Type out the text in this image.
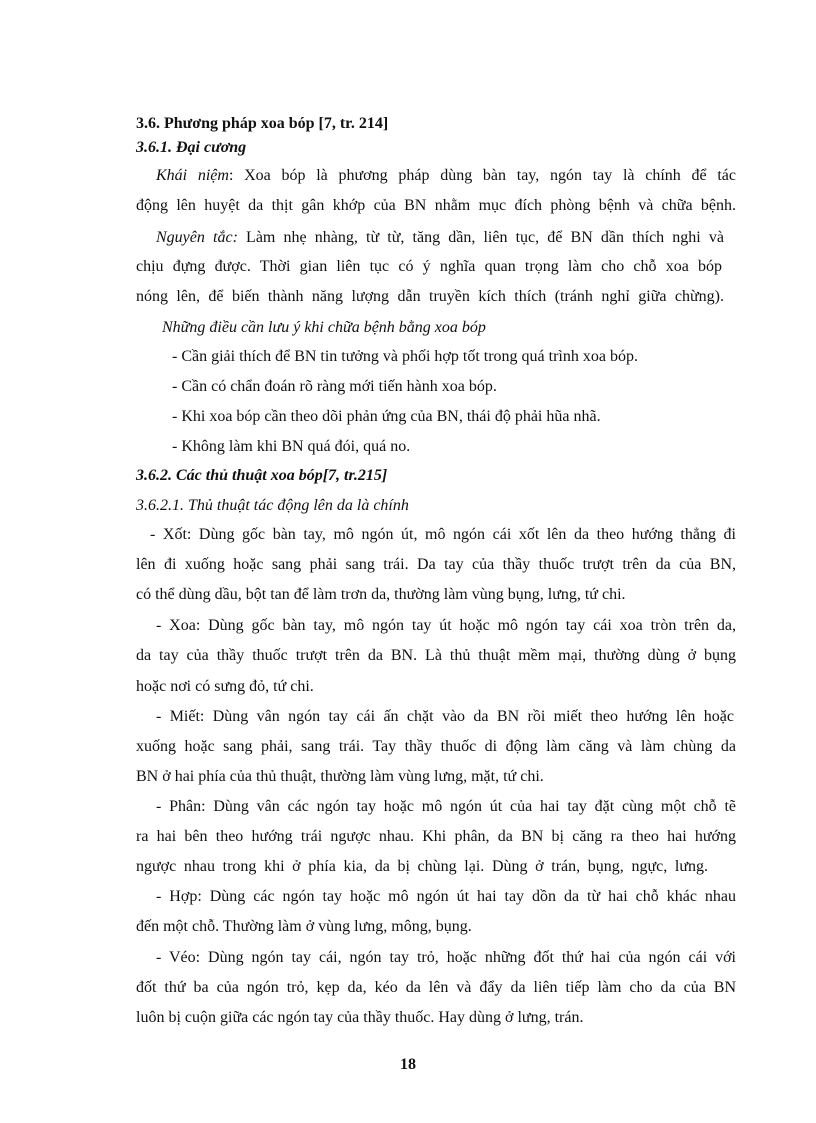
3.6. Phương pháp xoa bóp [7, tr. 214]
3.6.1. Đại cương
Khái niệm: Xoa bóp là phương pháp dùng bàn tay, ngón tay là chính để tác
động lên huyệt da thịt gân khớp của BN nhằm mục đích phòng bệnh và chữa bệnh.
Nguyên tắc: Làm nhẹ nhàng, từ từ, tăng dần, liên tục, để BN dần thích nghi và
chịu đựng được. Thời gian liên tục có ý nghĩa quan trọng làm cho chỗ xoa bóp
nóng lên, để biến thành năng lượng dẫn truyền kích thích (tránh nghỉ giữa chừng).
Những điều cần lưu ý khi chữa bệnh bằng xoa bóp
- Cần giải thích để BN tin tưởng và phối hợp tốt trong quá trình xoa bóp.
- Cần có chẩn đoán rõ ràng mới tiến hành xoa bóp.
- Khi xoa bóp cần theo dõi phản ứng của BN, thái độ phải hũa nhã.
- Không làm khi BN quá đói, quá no.
3.6.2. Các thủ thuật xoa bóp[7, tr.215]
3.6.2.1. Thủ thuật tác động lên da là chính
- Xốt: Dùng gốc bàn tay, mô ngón út, mô ngón cái xốt lên da theo hướng thẳng đi
lên đi xuống hoặc sang phải sang trái. Da tay của thầy thuốc trượt trên da của BN,
có thể dùng dầu, bột tan để làm trơn da, thường làm vùng bụng, lưng, tứ chi.
- Xoa: Dùng gốc bàn tay, mô ngón tay út hoặc mô ngón tay cái xoa tròn trên da,
da tay của thầy thuốc trượt trên da BN. Là thủ thuật mềm mại, thường dùng ở bụng
hoặc nơi có sưng đỏ, tứ chi.
- Miết: Dùng vân ngón tay cái ấn chặt vào da BN rồi miết theo hướng lên hoặc
xuống hoặc sang phải, sang trái. Tay thầy thuốc di động làm căng và làm chùng da
BN ở hai phía của thủ thuật, thường làm vùng lưng, mặt, tứ chi.
- Phân: Dùng vân các ngón tay hoặc mô ngón út của hai tay đặt cùng một chỗ tẽ
ra hai bên theo hướng trái ngược nhau. Khi phân, da BN bị căng ra theo hai hướng
ngược nhau trong khi ở phía kia, da bị chùng lại. Dùng ở trán, bụng, ngực, lưng.
- Hợp: Dùng các ngón tay hoặc mô ngón út hai tay dồn da từ hai chỗ khác nhau
đến một chỗ. Thường làm ở vùng lưng, mông, bụng.
- Véo: Dùng ngón tay cái, ngón tay trỏ, hoặc những đốt thứ hai của ngón cái với
đốt thứ ba của ngón trỏ, kẹp da, kéo da lên và đẩy da liên tiếp làm cho da của BN
luôn bị cuộn giữa các ngón tay của thầy thuốc. Hay dùng ở lưng, trán.
18
